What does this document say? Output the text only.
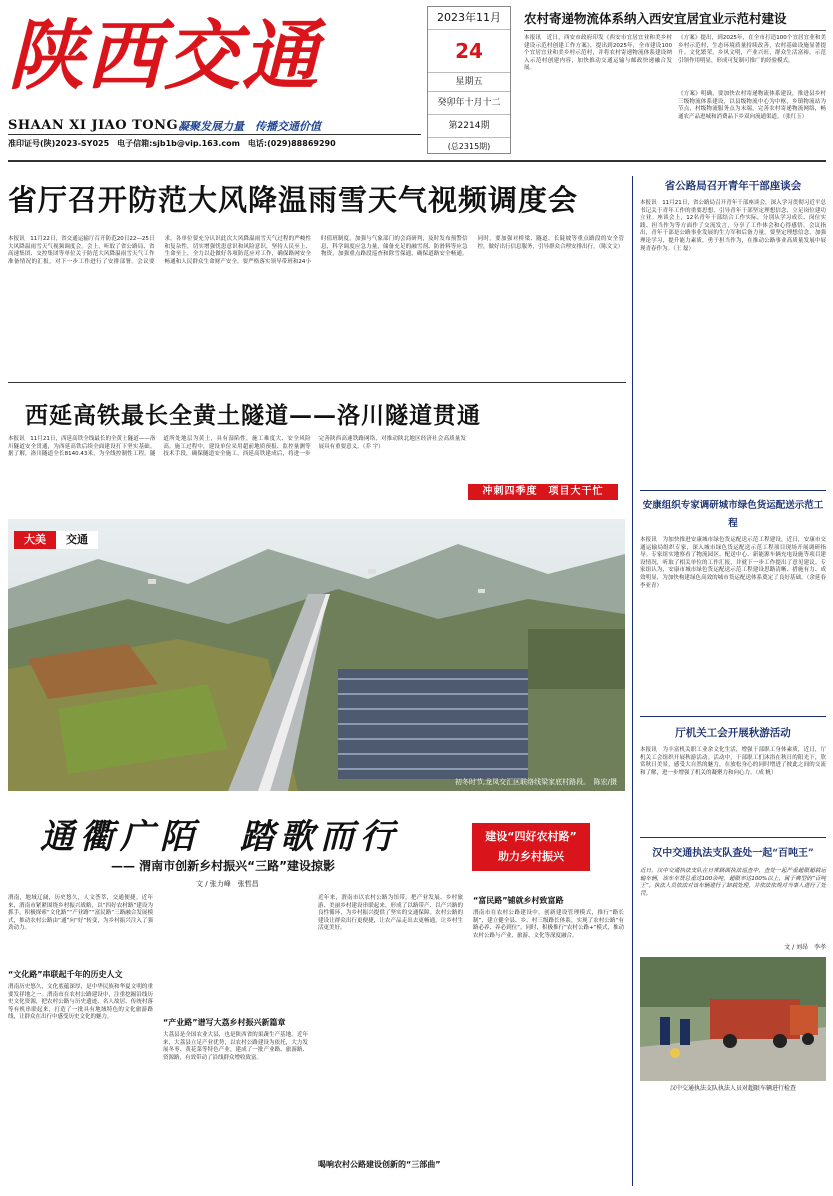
陕西交通
SHAAN XI JIAO TONG 凝聚发展力量　传播交通价值
准印证号(陕)2023-SY025　电子信箱:sjb1b@vip.163.com　电话:(029)88869290
2023年11月
24
星期五
癸卯年十月十二
第2214期
(总2315期)
农村寄递物流体系纳入西安宜居宜业示范村建设
本报讯　近日，西安市政府印发《西安市宜居宜业和美乡村建设示范村创建工作方案》，提出到2025年，全市建设100个宜居宜业和美乡村示范村，并将农村寄递物流体系建设纳入示范村创建内容，加快推动交通运输与邮政快递融合发展。
《方案》提出，到2025年，在全市打造100个宜居宜业和美乡村示范村，生态环境质量持续改善，农村基础设施显著提升。文化繁荣，乡风文明，产业兴旺，群众生活富裕，示范引领作用明显，形成可复制可推广的经验模式。
《方案》明确，要加快农村寄递物流体系建设，推进县乡村三级物流体系建设，以县级物流中心为中枢，乡镇物流站为节点，村级物流服务点为末端，完善农村寄递物流网络，畅通农产品进城和消费品下乡双向流通渠道。（张红玉）
省厅召开防范大风降温雨雪天气视频调度会
本报讯　11月22日，省交通运输厅召开防范20日22—25日大风降温雨雪天气视频调度会。会上，听取了省公路局、省高速集团、交控集团等单位关于防范大风降温雨雪天气工作准备情况的汇报，对下一步工作进行了安排部署。会议要求，各单位要充分认识此次大风降温雨雪天气过程的严峻性和复杂性，切实增强忧患意识和风险意识，坚持人民至上、生命至上，全力以赴做好各项防范应对工作，确保路网安全畅通和人民群众生命财产安全。要严格落实领导带班和24小时值班制度，加强与气象部门的会商研判，及时发布预警信息，科学调度应急力量，储备充足的融雪剂、防滑料等应急物资，加强重点路段巡查和除雪保通，确保道路安全畅通。同时，要加强对桥梁、隧道、长陡坡等重点路段的安全管控，做好出行信息服务，引导群众合理安排出行。（陈文文）
西延高铁最长全黄土隧道——洛川隧道贯通
本报讯　11月21日，西延高铁全线最长的全黄土隧道——洛川隧道安全贯通，为西延高铁后续全面建设打下坚实基础。据了解，洛川隧道全长8140.43米，为全线控制性工程。隧道所处地层为黄土，具有湿陷性，施工难度大、安全风险高。施工过程中，建设单位采用超前地质预报、监控量测等技术手段，确保隧道安全施工。西延高铁建成后，将进一步完善陕西高速铁路网络，对推动陕北地区经济社会高质量发展具有重要意义。（乔 宇）
冲刺四季度　项目大干忙
大美	交通
初冬时节,龙凤交汇区联络线梁家底村路段。　陈宏/摄
通衢广陌　踏歌而行
—— 渭南市创新乡村振兴“三路”建设掠影
文 / 张力峰　张哲昌
建设“四好农村路”
助力乡村振兴
渭南，地域辽阔，历史悠久，人文荟萃，交通便捷。近年来，渭南市紧紧围绕乡村振兴战略，以“四好农村路”建设为抓手，积极探索“文化路”“产业路”“富民路”三路融合发展模式，推动农村公路由“通”向“好”转变，为乡村振兴注入了强劲动力。
“文化路”串联起千年的历史人文
渭南历史悠久，文化底蕴深厚，是中华民族和华夏文明的重要发祥地之一。渭南市在农村公路建设中，注重挖掘沿线历史文化资源，把农村公路与历史遗迹、名人故居、传统村落等有机串联起来，打造了一批具有地域特色的文化旅游路线，让群众在出行中感受历史文化的魅力。
“产业路”谱写大荔乡村振兴新篇章
大荔县是全国农业大县，也是陕西省的果蔬生产基地。近年来，大荔县立足产业优势，以农村公路建设为依托，大力发展冬枣、黄花菜等特色产业，建成了一批产业路、旅游路、资源路，有效带动了沿线群众增收致富。
近年来，渭南市以农村公路为纽带，把产业发展、乡村旅游、美丽乡村建设串联起来，形成了以路带产、以产兴路的良性循环，为乡村振兴提供了坚实的交通保障。农村公路的建设让群众出行更便捷，让农产品走出去更畅通，让乡村生活更美好。
喝响农村公路建设创新的“三部曲”
“富民路”铺就乡村致富路
渭南市在农村公路建设中，创新建设管理模式，推行“路长制”，建立健全县、乡、村三级路长体系，实现了农村公路“有路必养、养必到位”。同时，积极推行“农村公路+”模式，推动农村公路与产业、旅游、文化等深度融合。
省公路局召开青年干部座谈会
本报讯　11月21日，省公路局召开青年干部座谈会，深入学习贯彻习近平总书记关于青年工作的重要思想，引导青年干部坚定理想信念，立足岗位建功立业。座谈会上，12名青年干部结合工作实际，分别从学习成长、岗位实践、担当作为等方面作了交流发言，分享了工作体会和心得感悟。会议指出，青年干部是公路事业发展的生力军和后备力量，要坚定理想信念，加强理论学习，提升能力素质，勇于担当作为，在推动公路事业高质量发展中展现青春作为。（王 磊）
安康组织专家调研城市绿色货运配送示范工程
本报讯　为加快推进安康城市绿色货运配送示范工程建设，近日，安康市交通运输局组织专家，深入城市绿色货运配送示范工程项目现场开展调研指导。专家组实地察看了物流园区、配送中心、新能源车辆充电设施等项目建设情况，听取了相关单位的工作汇报，并就下一步工作提出了意见建议。专家组认为，安康市城市绿色货运配送示范工程建设思路清晰、措施有力、成效明显，为加快构建绿色高效的城市货运配送体系奠定了良好基础。（余延春　李亚青）
厅机关工会开展秋游活动
本报讯　为丰富机关职工业余文化生活，增强干部职工身体素质，近日，厅机关工会组织开展秋游活动。活动中，干部职工们沐浴在秋日的阳光下，欣赏秋日美景，感受大自然的魅力，在放松身心的同时增进了彼此之间的交流和了解，进一步增强了机关的凝聚力和向心力。（成 帆）
汉中交通执法支队查处一起“百吨王”
近日，汉中交通执法支队在日常路面执法巡查中，查处一起严重超限超载运输车辆，该车车货总重达100余吨，超限率达100%以上，属于典型的“百吨王”。执法人员依法对该车辆进行了卸载处理，并依法依规对当事人进行了处罚。
文 / 刘昂　李孝
汉中交通执法支队执法人员对超限车辆进行检查
